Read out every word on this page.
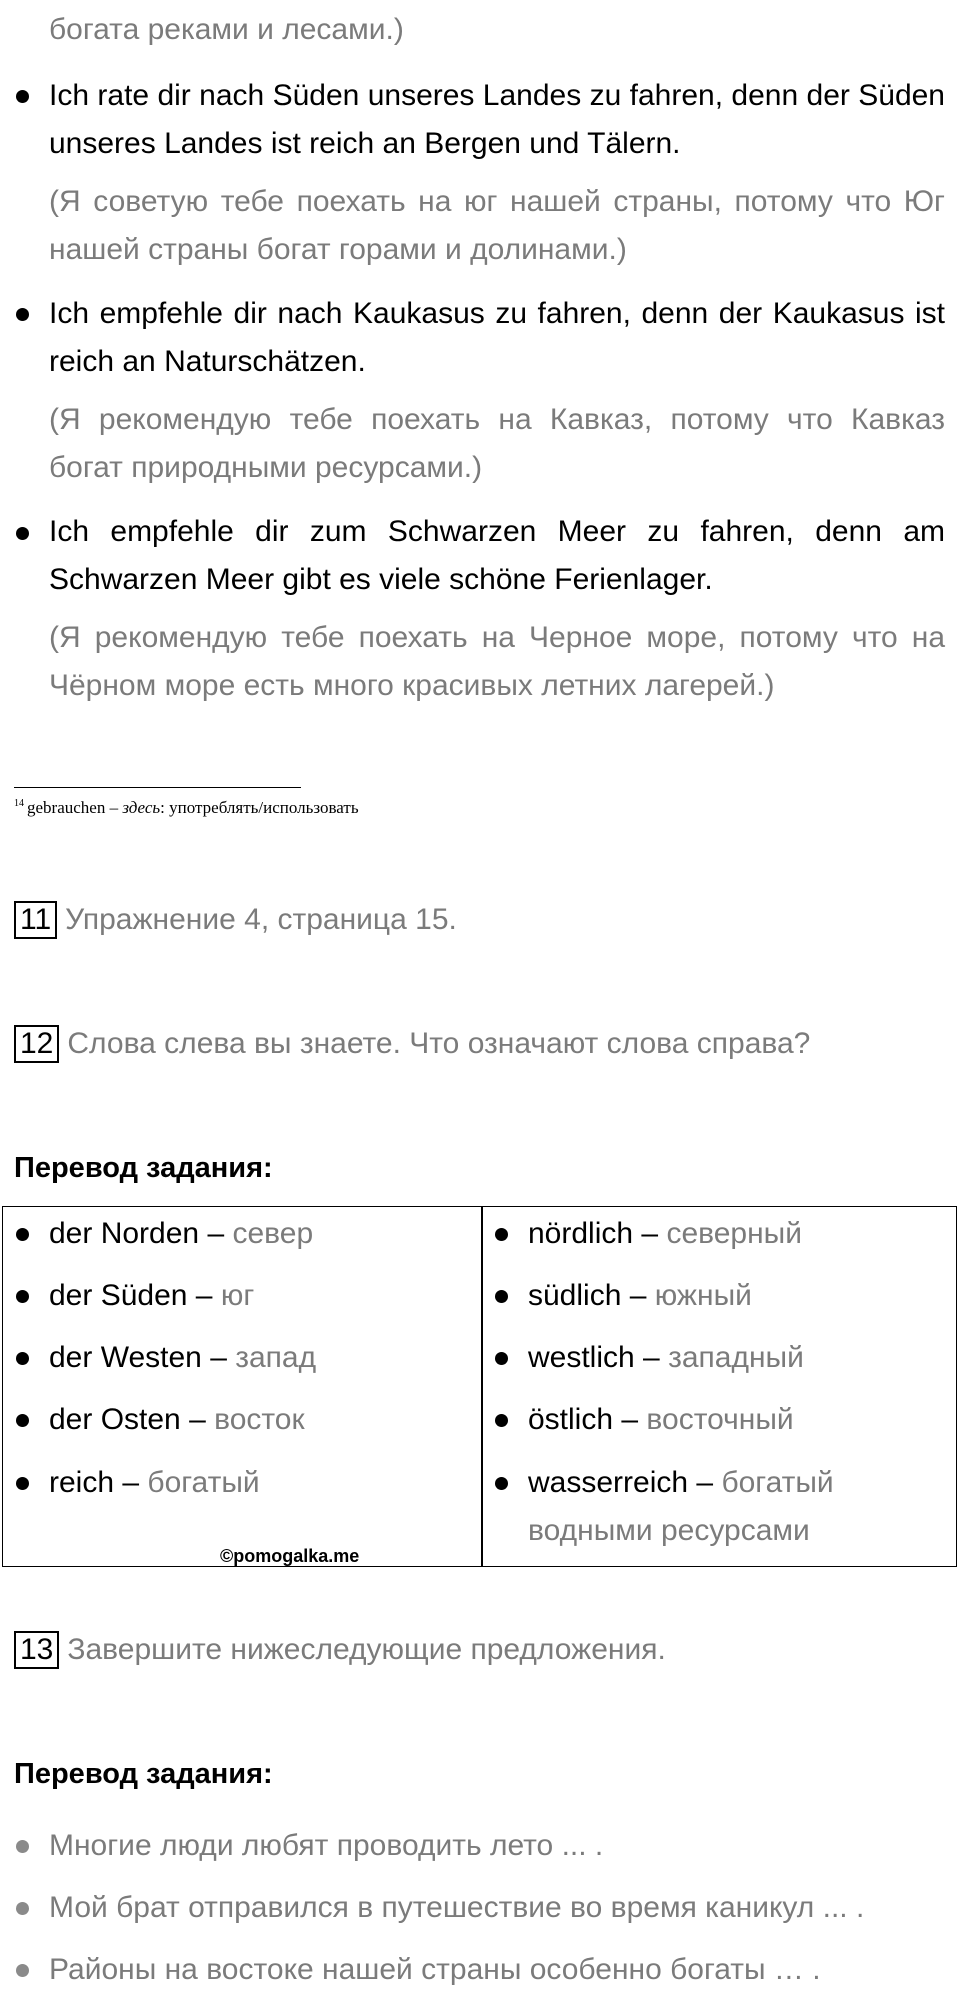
богата реками и лесами.)
Ich rate dir nach Süden unseres Landes zu fahren, denn der Süden unseres Landes ist reich an Bergen und Tälern.
(Я советую тебе поехать на юг нашей страны, потому что Юг нашей страны богат горами и долинами.)
Ich empfehle dir nach Kaukasus zu fahren, denn der Kaukasus ist reich an Naturschätzen.
(Я рекомендую тебе поехать на Кавказ, потому что Кавказ богат природными ресурсами.)
Ich empfehle dir zum Schwarzen Meer zu fahren, denn am Schwarzen Meer gibt es viele schöne Ferienlager.
(Я рекомендую тебе поехать на Черное море, потому что на Чёрном море есть много красивых летних лагерей.)
$^{14}$ gebrauchen – здесь: употреблять/использовать
11 Упражнение 4, страница 15.
12 Слова слева вы знаете. Что означают слова справа?
Перевод задания:
der Norden – север
der Süden – юг
der Westen – запад
der Osten – восток
reich – богатый
nördlich – северный
südlich – южный
westlich – западный
östlich – восточный
wasserreich – богатый
водными ресурсами
©pomogalka.me
13 Завершите нижеследующие предложения.
Перевод задания:
Многие люди любят проводить лето ... .
Мой брат отправился в путешествие во время каникул ... .
Районы на востоке нашей страны особенно богаты … .
